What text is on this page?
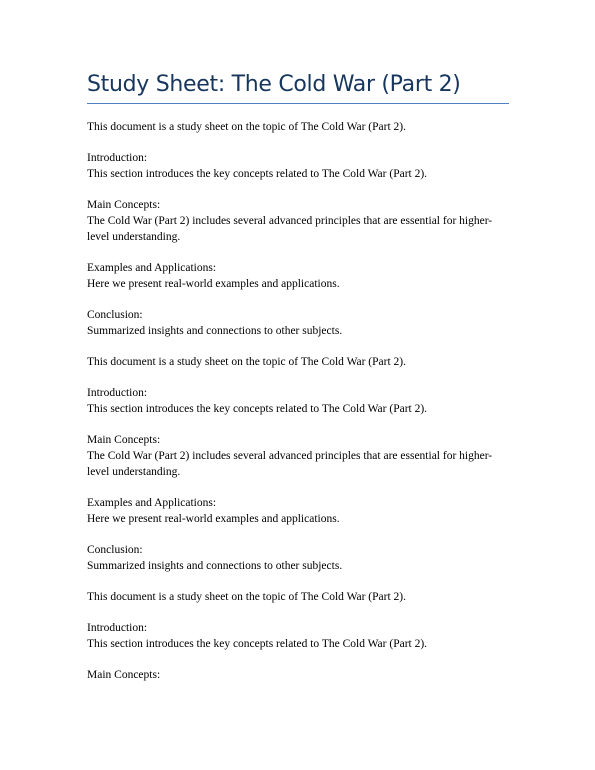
Study Sheet: The Cold War (Part 2)

This document is a study sheet on the topic of The Cold War (Part 2).

Introduction:
This section introduces the key concepts related to The Cold War (Part 2).

Main Concepts:
The Cold War (Part 2) includes several advanced principles that are essential for higher-level understanding.

Examples and Applications:
Here we present real-world examples and applications.

Conclusion:
Summarized insights and connections to other subjects.

This document is a study sheet on the topic of The Cold War (Part 2).

Introduction:
This section introduces the key concepts related to The Cold War (Part 2).

Main Concepts:
The Cold War (Part 2) includes several advanced principles that are essential for higher-level understanding.

Examples and Applications:
Here we present real-world examples and applications.

Conclusion:
Summarized insights and connections to other subjects.

This document is a study sheet on the topic of The Cold War (Part 2).

Introduction:
This section introduces the key concepts related to The Cold War (Part 2).

Main Concepts:
